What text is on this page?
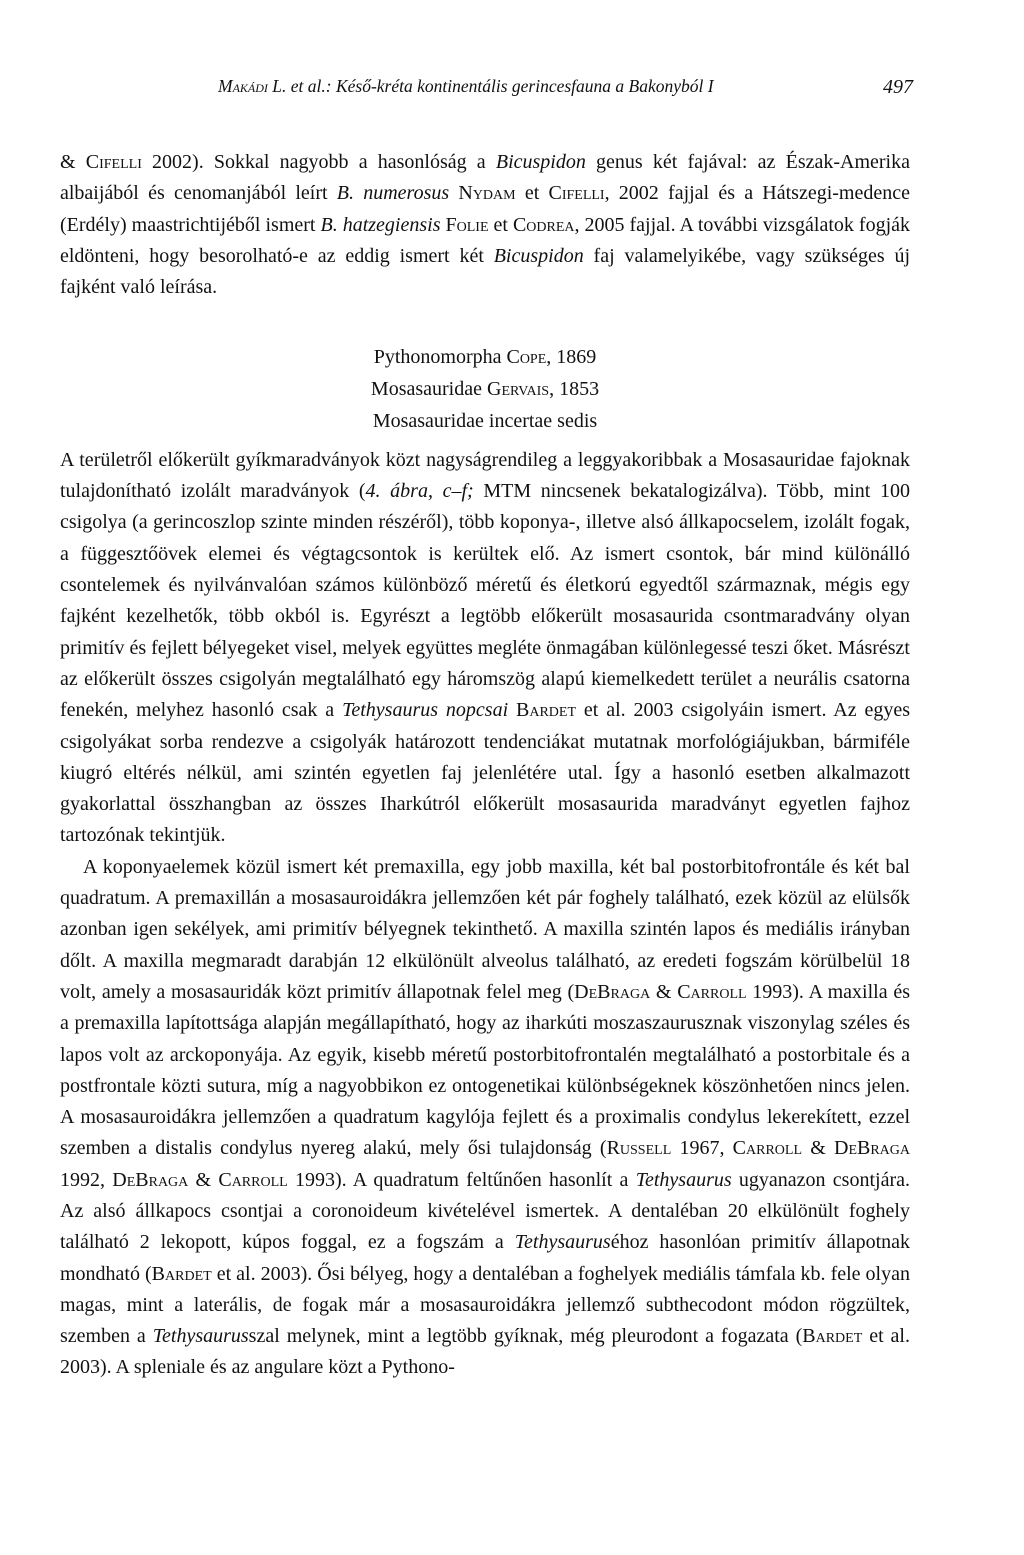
Makádi L. et al.: Késő-kréta kontinentális gerincesfauna a Bakonyból I	497

& Cifelli 2002). Sokkal nagyobb a hasonlóság a Bicuspidon genus két fajával: az Észak-Amerika albaijából és cenomanjából leírt B. numerosus Nydam et Cifelli, 2002 fajjal és a Hátszegi-medence (Erdély) maastrichtijéből ismert B. hatzegiensis Folie et Codrea, 2005 fajjal. A további vizsgálatok fogják eldönteni, hogy besorolható-e az eddig ismert két Bicuspidon faj valamelyikébe, vagy szükséges új fajként való leírása.

Pythonomorpha Cope, 1869
Mosasauridae Gervais, 1853
Mosasauridae incertae sedis

A területről előkerült gyíkmaradványok közt nagyságrendileg a leggyakoribbak a Mosasauridae fajoknak tulajdonítható izolált maradványok (4. ábra, c–f; MTM nincsenek bekatalogizálva). Több, mint 100 csigolya (a gerincoszlop szinte minden részéről), több koponya-, illetve alsó állkapocselem, izolált fogak, a függesztőövek elemei és végtagcsontok is kerültek elő. Az ismert csontok, bár mind különálló csontelemek és nyilvánvalóan számos különböző méretű és életkorú egyedtől származnak, mégis egy fajként kezelhetők, több okból is. Egyrészt a legtöbb előkerült mosasaurida csontmaradvány olyan primitív és fejlett bélyegeket visel, melyek együttes megléte önmagában különlegessé teszi őket. Másrészt az előkerült összes csigolyán megtalálható egy háromszög alapú kiemelkedett terület a neurális csatorna fenekén, melyhez hasonló csak a Tethysaurus nopcsai Bardet et al. 2003 csigolyáin ismert. Az egyes csigolyákat sorba rendezve a csigolyák határozott tendenciákat mutatnak morfológiájukban, bármiféle kiugró eltérés nélkül, ami szintén egyetlen faj jelenlétére utal. Így a hasonló esetben alkalmazott gyakorlattal összhangban az összes Iharkútról előkerült mosasaurida maradványt egyetlen fajhoz tartozónak tekintjük.

A koponyaelemek közül ismert két premaxilla, egy jobb maxilla, két bal postorbitofrontále és két bal quadratum. A premaxillán a mosasauroidákra jellemzően két pár foghely található, ezek közül az elülsők azonban igen sekélyek, ami primitív bélyegnek tekinthető. A maxilla szintén lapos és mediális irányban dőlt. A maxilla megmaradt darabján 12 elkülönült alveolus található, az eredeti fogszám körülbelül 18 volt, amely a mosasauridák közt primitív állapotnak felel meg (DeBraga & Carroll 1993). A maxilla és a premaxilla lapítottsága alapján megállapítható, hogy az iharkúti moszaszaurusznak viszonylag széles és lapos volt az arckoponyája. Az egyik, kisebb méretű postorbitofrontalén megtalálható a postorbitale és a postfrontale közti sutura, míg a nagyobbikon ez ontogenetikai különbségeknek köszönhetően nincs jelen. A mosasauroidákra jellemzően a quadratum kagylója fejlett és a proximalis condylus lekerekített, ezzel szemben a distalis condylus nyereg alakú, mely ősi tulajdonság (Russell 1967, Carroll & DeBraga 1992, DeBraga & Carroll 1993). A quadratum feltűnően hasonlít a Tethysaurus ugyanazon csontjára. Az alsó állkapocs csontjai a coronoideum kivételével ismertek. A dentaléban 20 elkülönült foghely található 2 lekopott, kúpos foggal, ez a fogszám a Tethysauruséhoz hasonlóan primitív állapotnak mondható (Bardet et al. 2003). Ősi bélyeg, hogy a dentaléban a foghelyek mediális támfala kb. fele olyan magas, mint a laterális, de fogak már a mosasauroidákra jellemző subthecodont módon rögzültek, szemben a Tethysaurusszal melynek, mint a legtöbb gyíknak, még pleurodont a fogazata (Bardet et al. 2003). A spleniale és az angulare közt a Pythono-
